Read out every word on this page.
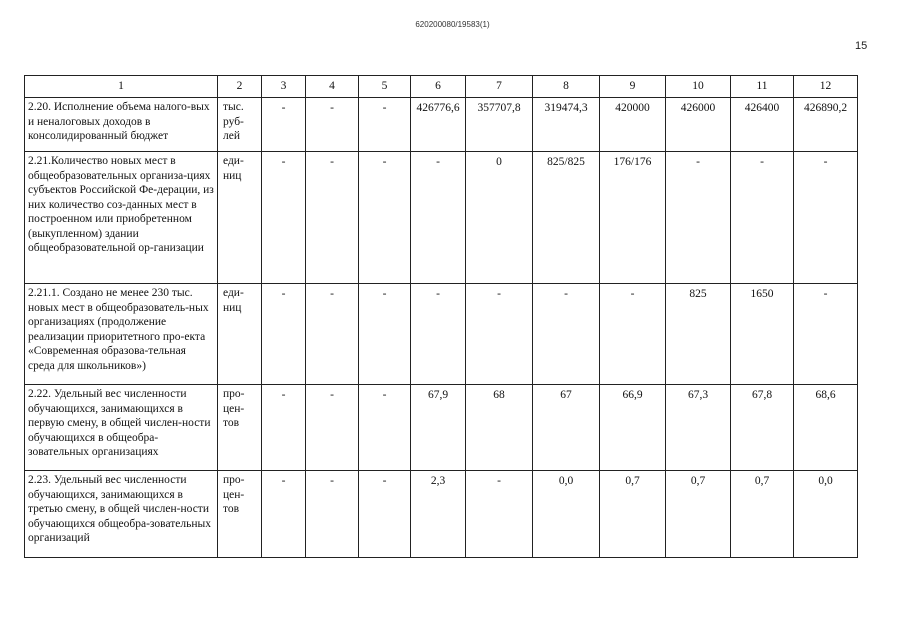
620200080/19583(1)
15
1	2	3	4	5	6	7	8	9	10	11	12
2.20. Исполнение объема налого-вых и неналоговых доходов в консолидированный бюджет	тыс. руб-лей	-	-	-	426776,6	357707,8	319474,3	420000	426000	426400	426890,2
2.21.Количество новых мест в общеобразовательных организа-циях субъектов Российской Фе-дерации, из них количество соз-данных мест в построенном или приобретенном (выкупленном) здании общеобразовательной ор-ганизации	еди-ниц	-	-	-	-	0	825/825	176/176	-	-	-
2.21.1. Создано не менее 230 тыс. новых мест в общеобразователь-ных организациях (продолжение реализации приоритетного про-екта «Современная образова-тельная среда для школьников»)	еди-ниц	-	-	-	-	-	-	-	825	1650	-
2.22. Удельный вес численности обучающихся, занимающихся в первую смену, в общей числен-ности обучающихся в общеобра-зовательных организациях	про-цен-тов	-	-	-	67,9	68	67	66,9	67,3	67,8	68,6
2.23. Удельный вес численности обучающихся, занимающихся в третью смену, в общей числен-ности обучающихся общеобра-зовательных организаций	про-цен-тов	-	-	-	2,3	-	0,0	0,7	0,7	0,7	0,0
